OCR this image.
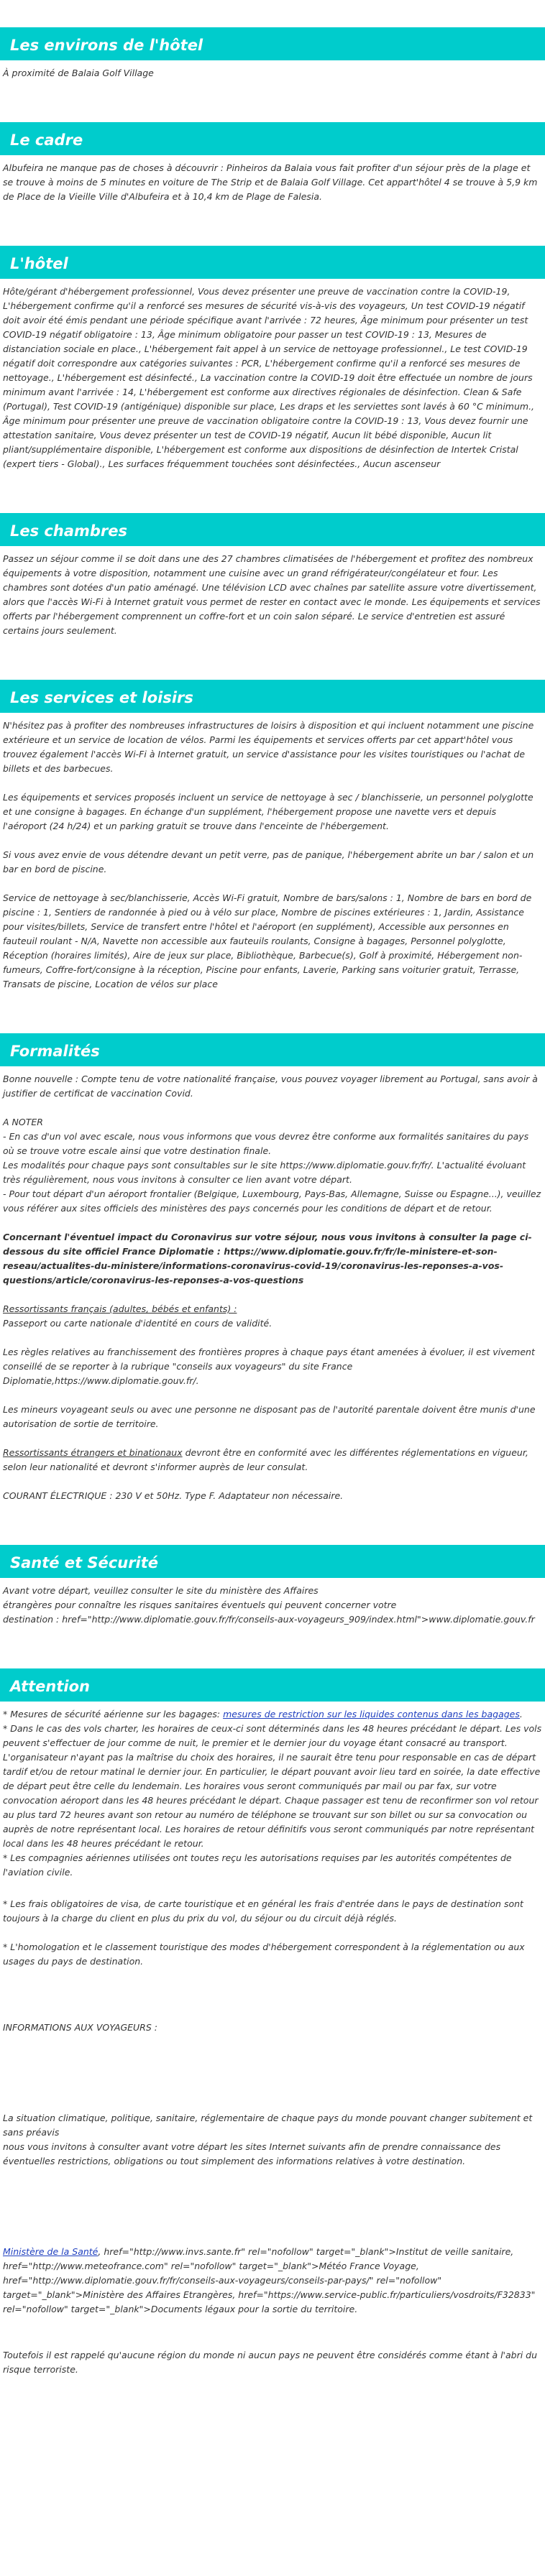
Les environs de l'hôtel

À proximité de Balaia Golf Village

Le cadre

Albufeira ne manque pas de choses à découvrir : Pinheiros da Balaia vous fait profiter d'un séjour près de la plage et se trouve à moins de 5 minutes en voiture de The Strip et de Balaia Golf Village. Cet appart'hôtel 4 se trouve à 5,9 km de Place de la Vieille Ville d'Albufeira et à 10,4 km de Plage de Falesia.

L'hôtel

Hôte/gérant d'hébergement professionnel, Vous devez présenter une preuve de vaccination contre la COVID-19, L'hébergement confirme qu'il a renforcé ses mesures de sécurité vis-à-vis des voyageurs, Un test COVID-19 négatif doit avoir été émis pendant une période spécifique avant l'arrivée : 72 heures, Âge minimum pour présenter un test COVID-19 négatif obligatoire : 13, Âge minimum obligatoire pour passer un test COVID-19 : 13, Mesures de distanciation sociale en place., L'hébergement fait appel à un service de nettoyage professionnel., Le test COVID-19 négatif doit correspondre aux catégories suivantes : PCR, L'hébergement confirme qu'il a renforcé ses mesures de nettoyage., L'hébergement est désinfecté., La vaccination contre la COVID-19 doit être effectuée un nombre de jours minimum avant l'arrivée : 14, L'hébergement est conforme aux directives régionales de désinfection. Clean & Safe (Portugal), Test COVID-19 (antigénique) disponible sur place, Les draps et les serviettes sont lavés à 60 °C minimum., Âge minimum pour présenter une preuve de vaccination obligatoire contre la COVID-19 : 13, Vous devez fournir une attestation sanitaire, Vous devez présenter un test de COVID-19 négatif, Aucun lit bébé disponible, Aucun lit pliant/supplémentaire disponible, L'hébergement est conforme aux dispositions de désinfection de Intertek Cristal (expert tiers - Global)., Les surfaces fréquemment touchées sont désinfectées., Aucun ascenseur

Les chambres

Passez un séjour comme il se doit dans une des 27 chambres climatisées de l'hébergement et profitez des nombreux équipements à votre disposition, notamment une cuisine avec un grand réfrigérateur/congélateur et four. Les chambres sont dotées d'un patio aménagé. Une télévision LCD avec chaînes par satellite assure votre divertissement, alors que l'accès Wi-Fi à Internet gratuit vous permet de rester en contact avec le monde. Les équipements et services offerts par l'hébergement comprennent un coffre-fort et un coin salon séparé. Le service d'entretien est assuré certains jours seulement.

Les services et loisirs

N'hésitez pas à profiter des nombreuses infrastructures de loisirs à disposition et qui incluent notamment une piscine extérieure et un service de location de vélos. Parmi les équipements et services offerts par cet appart'hôtel vous trouvez également l'accès Wi-Fi à Internet gratuit, un service d'assistance pour les visites touristiques ou l'achat de billets et des barbecues.

Les équipements et services proposés incluent un service de nettoyage à sec / blanchisserie, un personnel polyglotte et une consigne à bagages. En échange d'un supplément, l'hébergement propose une navette vers et depuis l'aéroport (24 h/24) et un parking gratuit se trouve dans l'enceinte de l'hébergement.

Si vous avez envie de vous détendre devant un petit verre, pas de panique, l'hébergement abrite un bar / salon et un bar en bord de piscine.

Service de nettoyage à sec/blanchisserie, Accès Wi-Fi gratuit, Nombre de bars/salons : 1, Nombre de bars en bord de piscine : 1, Sentiers de randonnée à pied ou à vélo sur place, Nombre de piscines extérieures : 1, Jardin, Assistance pour visites/billets, Service de transfert entre l'hôtel et l'aéroport (en supplément), Accessible aux personnes en fauteuil roulant - N/A, Navette non accessible aux fauteuils roulants, Consigne à bagages, Personnel polyglotte, Réception (horaires limités), Aire de jeux sur place, Bibliothèque, Barbecue(s), Golf à proximité, Hébergement non-fumeurs, Coffre-fort/consigne à la réception, Piscine pour enfants, Laverie, Parking sans voiturier gratuit, Terrasse, Transats de piscine, Location de vélos sur place

Formalités

Bonne nouvelle : Compte tenu de votre nationalité française, vous pouvez voyager librement au Portugal, sans avoir à justifier de certificat de vaccination Covid.

A NOTER

- En cas d'un vol avec escale, nous vous informons que vous devrez être conforme aux formalités sanitaires du pays où se trouve votre escale ainsi que votre destination finale.

Les modalités pour chaque pays sont consultables sur le site https://www.diplomatie.gouv.fr/fr/. L'actualité évoluant très régulièrement, nous vous invitons à consulter ce lien avant votre départ.

- Pour tout départ d'un aéroport frontalier (Belgique, Luxembourg, Pays-Bas, Allemagne, Suisse ou Espagne...), veuillez vous référer aux sites officiels des ministères des pays concernés pour les conditions de départ et de retour.

Concernant l'éventuel impact du Coronavirus sur votre séjour, nous vous invitons à consulter la page ci-dessous du site officiel France Diplomatie : https://www.diplomatie.gouv.fr/fr/le-ministere-et-son-reseau/actualites-du-ministere/informations-coronavirus-covid-19/coronavirus-les-reponses-a-vos-questions/article/coronavirus-les-reponses-a-vos-questions

Ressortissants français (adultes, bébés et enfants) :

Passeport ou carte nationale d'identité en cours de validité.

Les règles relatives au franchissement des frontières propres à chaque pays étant amenées à évoluer, il est vivement conseillé de se reporter à la rubrique "conseils aux voyageurs" du site France Diplomatie,https://www.diplomatie.gouv.fr/.

Les mineurs voyageant seuls ou avec une personne ne disposant pas de l'autorité parentale doivent être munis d'une autorisation de sortie de territoire.

Ressortissants étrangers et binationaux devront être en conformité avec les différentes réglementations en vigueur, selon leur nationalité et devront s'informer auprès de leur consulat.

COURANT ÉLECTRIQUE : 230 V et 50Hz. Type F. Adaptateur non nécessaire.

Santé et Sécurité

Avant votre départ, veuillez consulter le site du ministère des Affaires

étrangères pour connaître les risques sanitaires éventuels qui peuvent concerner votre

destination : href="http://www.diplomatie.gouv.fr/fr/conseils-aux-voyageurs_909/index.html">www.diplomatie.gouv.fr

Attention

* Mesures de sécurité aérienne sur les bagages: mesures de restriction sur les liquides contenus dans les bagages.

* Dans le cas des vols charter, les horaires de ceux-ci sont déterminés dans les 48 heures précédant le départ. Les vols peuvent s'effectuer de jour comme de nuit, le premier et le dernier jour du voyage étant consacré au transport. L'organisateur n'ayant pas la maîtrise du choix des horaires, il ne saurait être tenu pour responsable en cas de départ tardif et/ou de retour matinal le dernier jour. En particulier, le départ pouvant avoir lieu tard en soirée, la date effective de départ peut être celle du lendemain. Les horaires vous seront communiqués par mail ou par fax, sur votre convocation aéroport dans les 48 heures précédant le départ. Chaque passager est tenu de reconfirmer son vol retour au plus tard 72 heures avant son retour au numéro de téléphone se trouvant sur son billet ou sur sa convocation ou auprès de notre représentant local. Les horaires de retour définitifs vous seront communiqués par notre représentant local dans les 48 heures précédant le retour.

* Les compagnies aériennes utilisées ont toutes reçu les autorisations requises par les autorités compétentes de l'aviation civile.

* Les frais obligatoires de visa, de carte touristique et en général les frais d'entrée dans le pays de destination sont toujours à la charge du client en plus du prix du vol, du séjour ou du circuit déjà réglés.

* L'homologation et le classement touristique des modes d'hébergement correspondent à la réglementation ou aux usages du pays de destination.

INFORMATIONS AUX VOYAGEURS :

La situation climatique, politique, sanitaire, réglementaire de chaque pays du monde pouvant changer subitement et sans préavis

nous vous invitons à consulter avant votre départ les sites Internet suivants afin de prendre connaissance des éventuelles restrictions, obligations ou tout simplement des informations relatives à votre destination.

Ministère de la Santé, href="http://www.invs.sante.fr" rel="nofollow" target="_blank">Institut de veille sanitaire, href="http://www.meteofrance.com" rel="nofollow" target="_blank">Météo France Voyage, href="http://www.diplomatie.gouv.fr/fr/conseils-aux-voyageurs/conseils-par-pays/" rel="nofollow" target="_blank">Ministère des Affaires Etrangères, href="https://www.service-public.fr/particuliers/vosdroits/F32833" rel="nofollow" target="_blank">Documents légaux pour la sortie du territoire.

Toutefois il est rappelé qu'aucune région du monde ni aucun pays ne peuvent être considérés comme étant à l'abri du risque terroriste.
